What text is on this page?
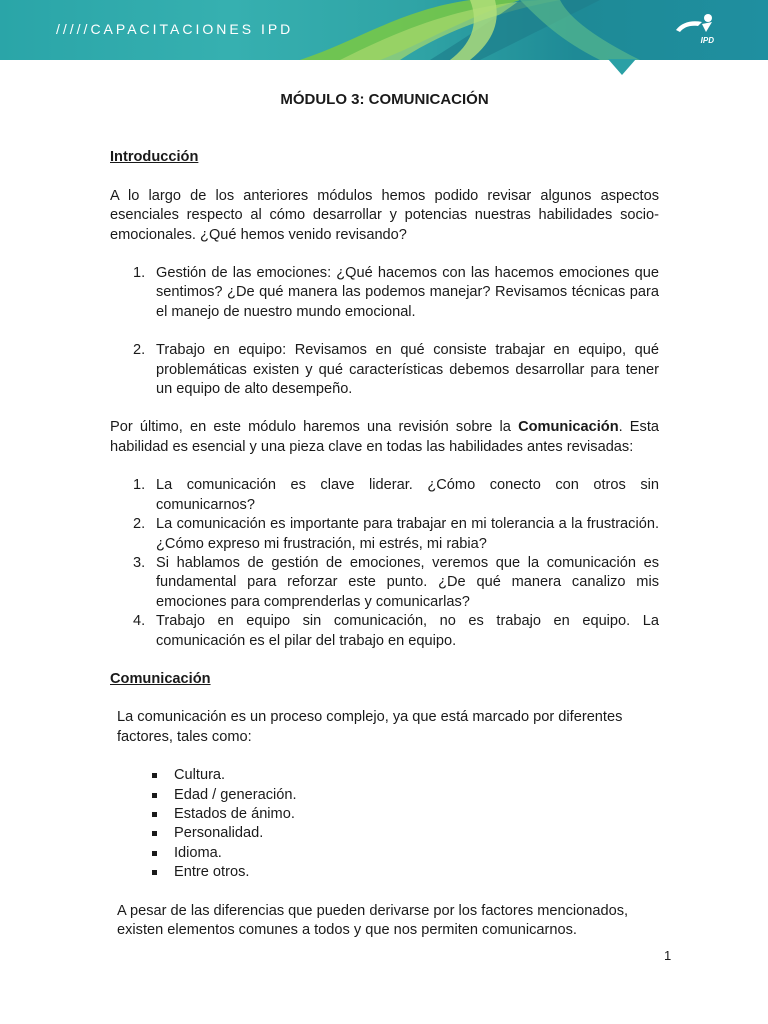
/////CAPACITACIONES IPD
IPD
MÓDULO 3: COMUNICACIÓN
Introducción

A lo largo de los anteriores módulos hemos podido revisar algunos aspectos esenciales respecto al cómo desarrollar y potencias nuestras habilidades socio-emocionales. ¿Qué hemos venido revisando?

1. Gestión de las emociones: ¿Qué hacemos con las hacemos emociones que sentimos? ¿De qué manera las podemos manejar? Revisamos técnicas para el manejo de nuestro mundo emocional.
2. Trabajo en equipo: Revisamos en qué consiste trabajar en equipo, qué problemáticas existen y qué características debemos desarrollar para tener un equipo de alto desempeño.

Por último, en este módulo haremos una revisión sobre la Comunicación. Esta habilidad es esencial y una pieza clave en todas las habilidades antes revisadas:

1. La comunicación es clave liderar. ¿Cómo conecto con otros sin comunicarnos?
2. La comunicación es importante para trabajar en mi tolerancia a la frustración. ¿Cómo expreso mi frustración, mi estrés, mi rabia?
3. Si hablamos de gestión de emociones, veremos que la comunicación es fundamental para reforzar este punto. ¿De qué manera canalizo mis emociones para comprenderlas y comunicarlas?
4. Trabajo en equipo sin comunicación, no es trabajo en equipo. La comunicación es el pilar del trabajo en equipo.
Comunicación

La comunicación es un proceso complejo, ya que está marcado por diferentes factores, tales como:

Cultura.
Edad / generación.
Estados de ánimo.
Personalidad.
Idioma.
Entre otros.

A pesar de las diferencias que pueden derivarse por los factores mencionados, existen elementos comunes a todos y que nos permiten comunicarnos.

1
